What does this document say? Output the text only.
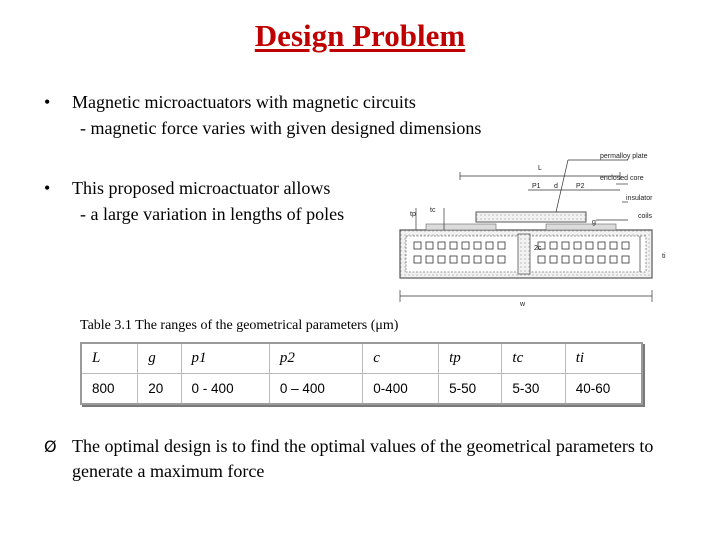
Design Problem
• Magnetic microactuators with magnetic circuits
- magnetic force varies with given designed dimensions
• This proposed microactuator allows
- a large variation in lengths of poles
permalloy plate
enclosed core
insulator
coils
L
P1 d	P2
tp
tc
g
2c
ti
w
Table 3.1 The ranges of the geometrical parameters (μm)
L	g	p1	p2	c	tp	tc	ti
800	20	0 - 400	0 – 400	0-400	5-50	5-30	40-60
Ø The optimal design is to find the optimal values of the geometrical parameters to generate a maximum force
